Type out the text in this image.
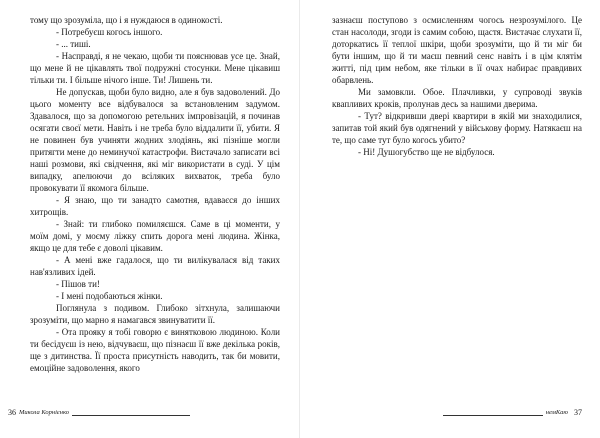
тому що зрозуміла, що і я нуждаюся в одинокості.

- Потребуєш когось іншого.

- ... тиші.

- Насправді, я не чекаю, щоби ти пояснював усе це. Знай, що мене й не цікавлять твої подружні стосунки. Мене цікавиш тільки ти. І більше нічого інше. Ти! Лишень ти.

Не допускав, щоби було видно, але я був задоволений. До цього моменту все відбувалося за встановленим задумом. Здавалося, що за допомогою ретельних імпровізацій, я починав осягати своєї мети. Навіть і не треба було віддалити її, убити. Я не повинен був учиняти жодних злодіянь, які пізніше могли притягти мене до неминучої катастрофи. Вистачало записати всі наші розмови, які свідчення, які міг використати в суді. У цім випадку, апелюючи до всіляких вихваток, треба було провокувати її якомога більше.

- Я знаю, що ти занадто самотня, вдаваєся до інших хитрощів.

- Знай: ти глибоко помиляєшся. Саме в ці моменти, у моїм домі, у моєму ліжку спить дорога мені людина. Жінка, якщо це для тебе є доволі цікавим.

- А мені вже гадалося, що ти вилікувалася від таких нав'язливих ідей.

- Пішов ти!

- І мені подобаються жінки.

Поглянула з подивом. Глибоко зітхнула, залишаючи зрозуміти, що марно я намагався звинуватити її.

- Ота прояку я тобі говорю є винятковою людиною. Коли ти бесідуєш із нею, відчуваєш, що пізнаєш її вже декілька років, ще з дитинства. Її проста присутність наводить, так би мовити, емоційне задоволення, якого

36 Микола Корнiєнко

зазнаєш поступово з осмисленням чогось незрозумілого. Це стан насолоди, згоди із самим собою, щастя. Вистачає слухати її, доторкатись її теплої шкіри, щоби зрозуміти, що й ти міг би бути іншим, що й ти маєш певний сенс навіть і в цім клятім житті, під цим небом, яке тільки в її очах набирає правдивих обарвлень.

Ми замовкли. Обое. Плачливки, у супроводі звуків квапливих кроків, пролунав десь за нашими дверима.

- Тут? відкривши двері квартири в якій ми знаходилися, запитав той який був одягнений у військову форму. Натякаєш на те, що саме тут було когось убито?

- Ні! Душогубство ще не відбулося.

немКаю 37
